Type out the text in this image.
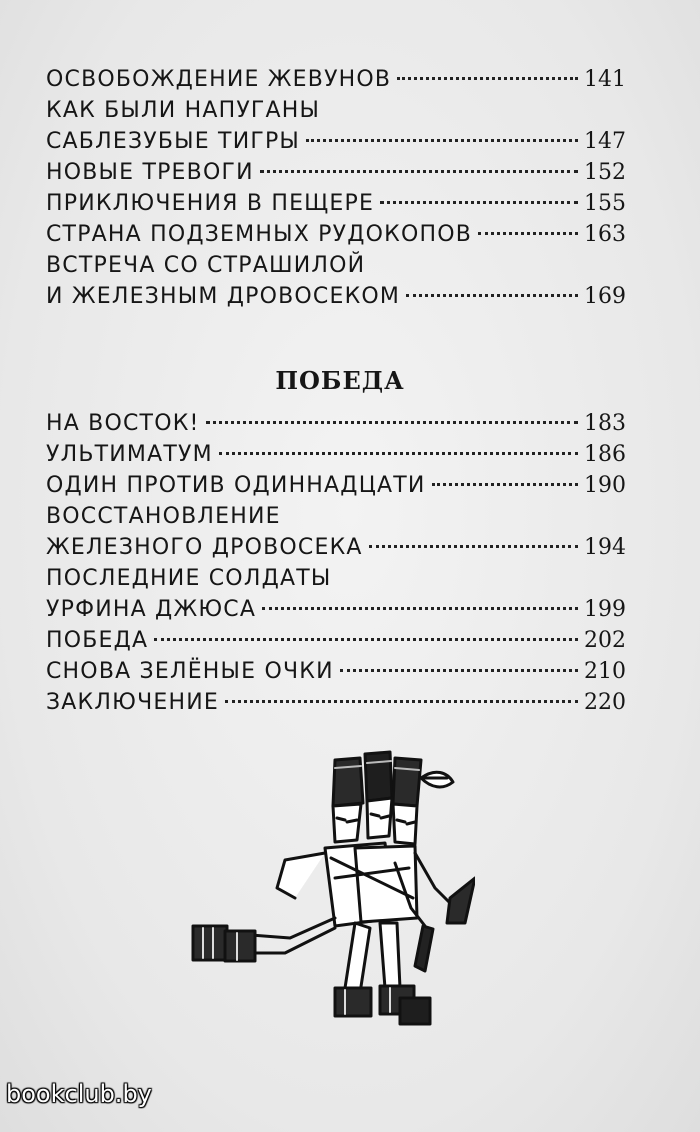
ОСВОБОЖДЕНИЕ ЖЕВУНОВ	141
КАК БЫЛИ НАПУГАНЫ
САБЛЕЗУБЫЕ ТИГРЫ	147
НОВЫЕ ТРЕВОГИ	152
ПРИКЛЮЧЕНИЯ В ПЕЩЕРЕ	155
СТРАНА ПОДЗЕМНЫХ РУДОКОПОВ	163
ВСТРЕЧА СО СТРАШИЛОЙ
И ЖЕЛЕЗНЫМ ДРОВОСЕКОМ	169
ПОБЕДА
НА ВОСТОК!	183
УЛЬТИМАТУМ	186
ОДИН ПРОТИВ ОДИННАДЦАТИ	190
ВОССТАНОВЛЕНИЕ
ЖЕЛЕЗНОГО ДРОВОСЕКА	194
ПОСЛЕДНИЕ СОЛДАТЫ
УРФИНА ДЖЮСА	199
ПОБЕДА	202
СНОВА ЗЕЛЁНЫЕ ОЧКИ	210
ЗАКЛЮЧЕНИЕ	220
bookclub.by
